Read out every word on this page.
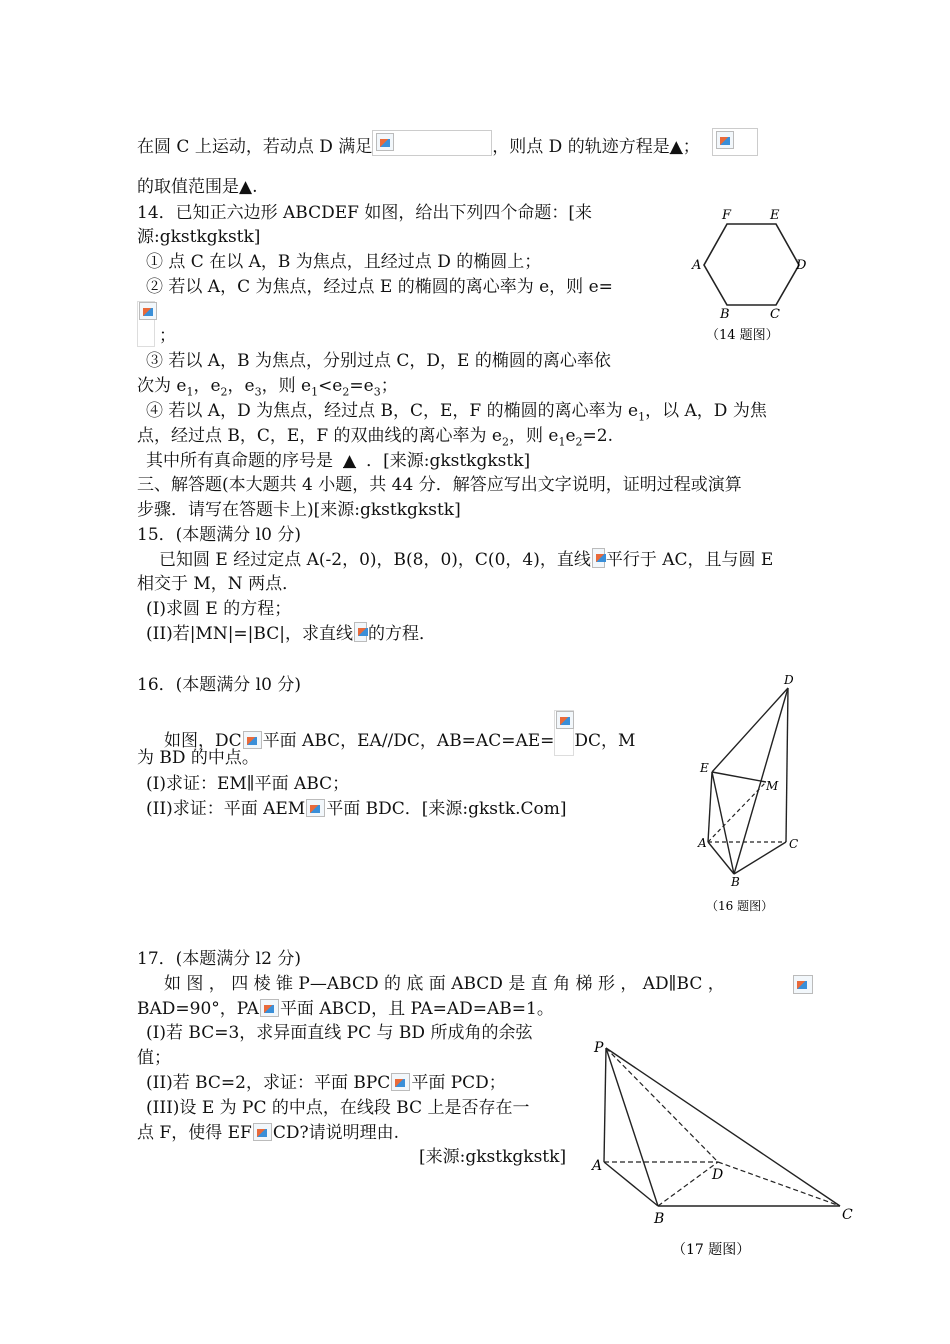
在圆 C 上运动，若动点 D 满足	，则点 D 的轨迹方程是▲；
的取值范围是▲.
14．已知正六边形 ABCDEF 如图，给出下列四个命题：[来
源:gkstkgkstk]
① 点 C 在以 A，B 为焦点，且经过点 D 的椭圆上；
② 若以 A，C 为焦点，经过点 E 的椭圆的离心率为 e，则 e=
；
③ 若以 A，B 为焦点，分别过点 C，D，E 的椭圆的离心率依
次为 $e_1$，$e_2$，$e_3$，则 $e_1<e_2=e_3$；
④ 若以 A，D 为焦点，经过点 B，C，E，F 的椭圆的离心率为 $e_1$，以 A，D 为焦
点，经过点 B，C，E，F 的双曲线的离心率为 $e_2$，则 $e_1e_2=2$.
其中所有真命题的序号是 ▲ ．[来源:gkstkgkstk]
F	E
A	D
B	C
（14 题图）
三、解答题(本大题共 4 小题，共 44 分．解答应写出文字说明，证明过程或演算
步骤．请写在答题卡上)[来源:gkstkgkstk]
15．(本题满分 l0 分)
已知圆 E 经过定点 A(-2，0)，B(8，0)，C(0，4)，直线 平行于 AC，且与圆 E
相交于 M，N 两点．
(I)求圆 E 的方程；
(II)若|MN|=|BC|，求直线 的方程．
16．(本题满分 l0 分)
如图，DC 平面 ABC，EA//DC，AB=AC=AE= DC，M
为 BD 的中点。
(I)求证：EM∥平面 ABC；
(II)求证：平面 AEM 平面 BDC．[来源:gkstk.Com]
D
E
M
A	C
B
（16 题图）
17．(本题满分 l2 分)
如 图 ， 四 棱 锥 P—ABCD 的 底 面 ABCD 是 直 角 梯 形 ， AD∥BC ，
BAD=90°，PA 平面 ABCD，且 PA=AD=AB=1。
(I)若 BC=3，求异面直线 PC 与 BD 所成角的余弦
值；
(II)若 BC=2，求证：平面 BPC 平面 PCD；
(III)设 E 为 PC 的中点，在线段 BC 上是否存在一
点 F，使得 EF CD?请说明理由.
[来源:gkstkgkstk]
P
A
D
B	C
（17 题图）
